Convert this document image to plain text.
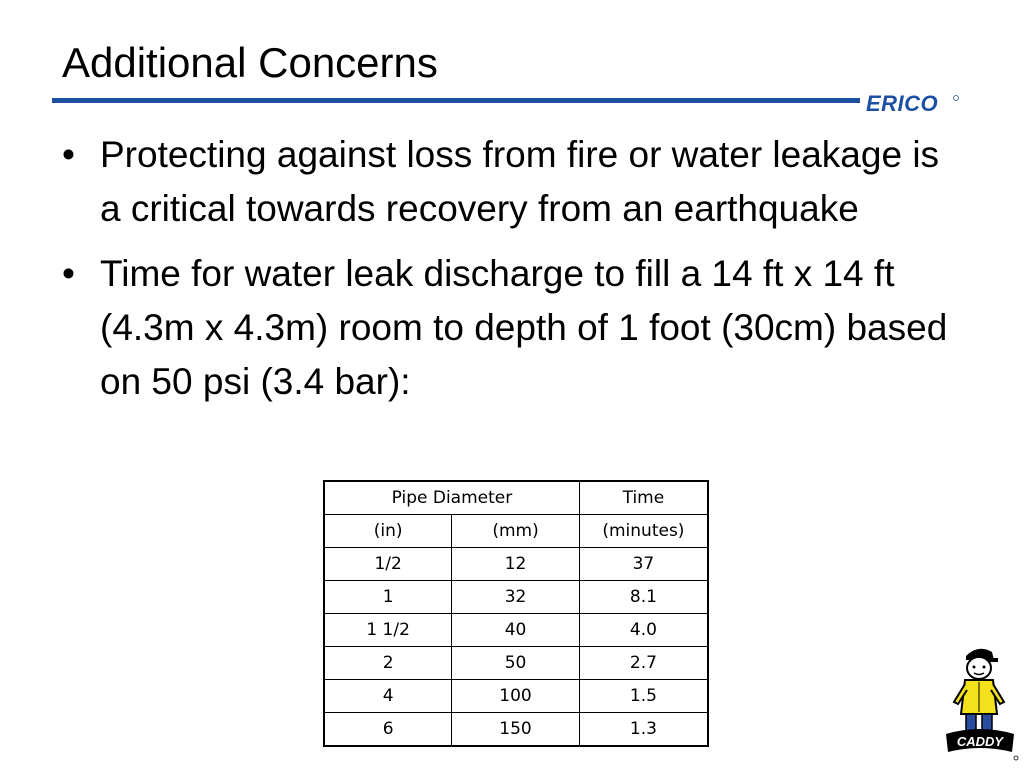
Additional Concerns
ERICO
• Protecting against loss from fire or water leakage is a critical towards recovery from an earthquake
• Time for water leak discharge to fill a 14 ft x 14 ft (4.3m x 4.3m) room to depth of 1 foot (30cm) based on 50 psi (3.4 bar):
Pipe Diameter		Time
(in)	(mm)	(minutes)
1/2	12	37
1	32	8.1
1 1/2	40	4.0
2	50	2.7
4	100	1.5
6	150	1.3
CADDY
